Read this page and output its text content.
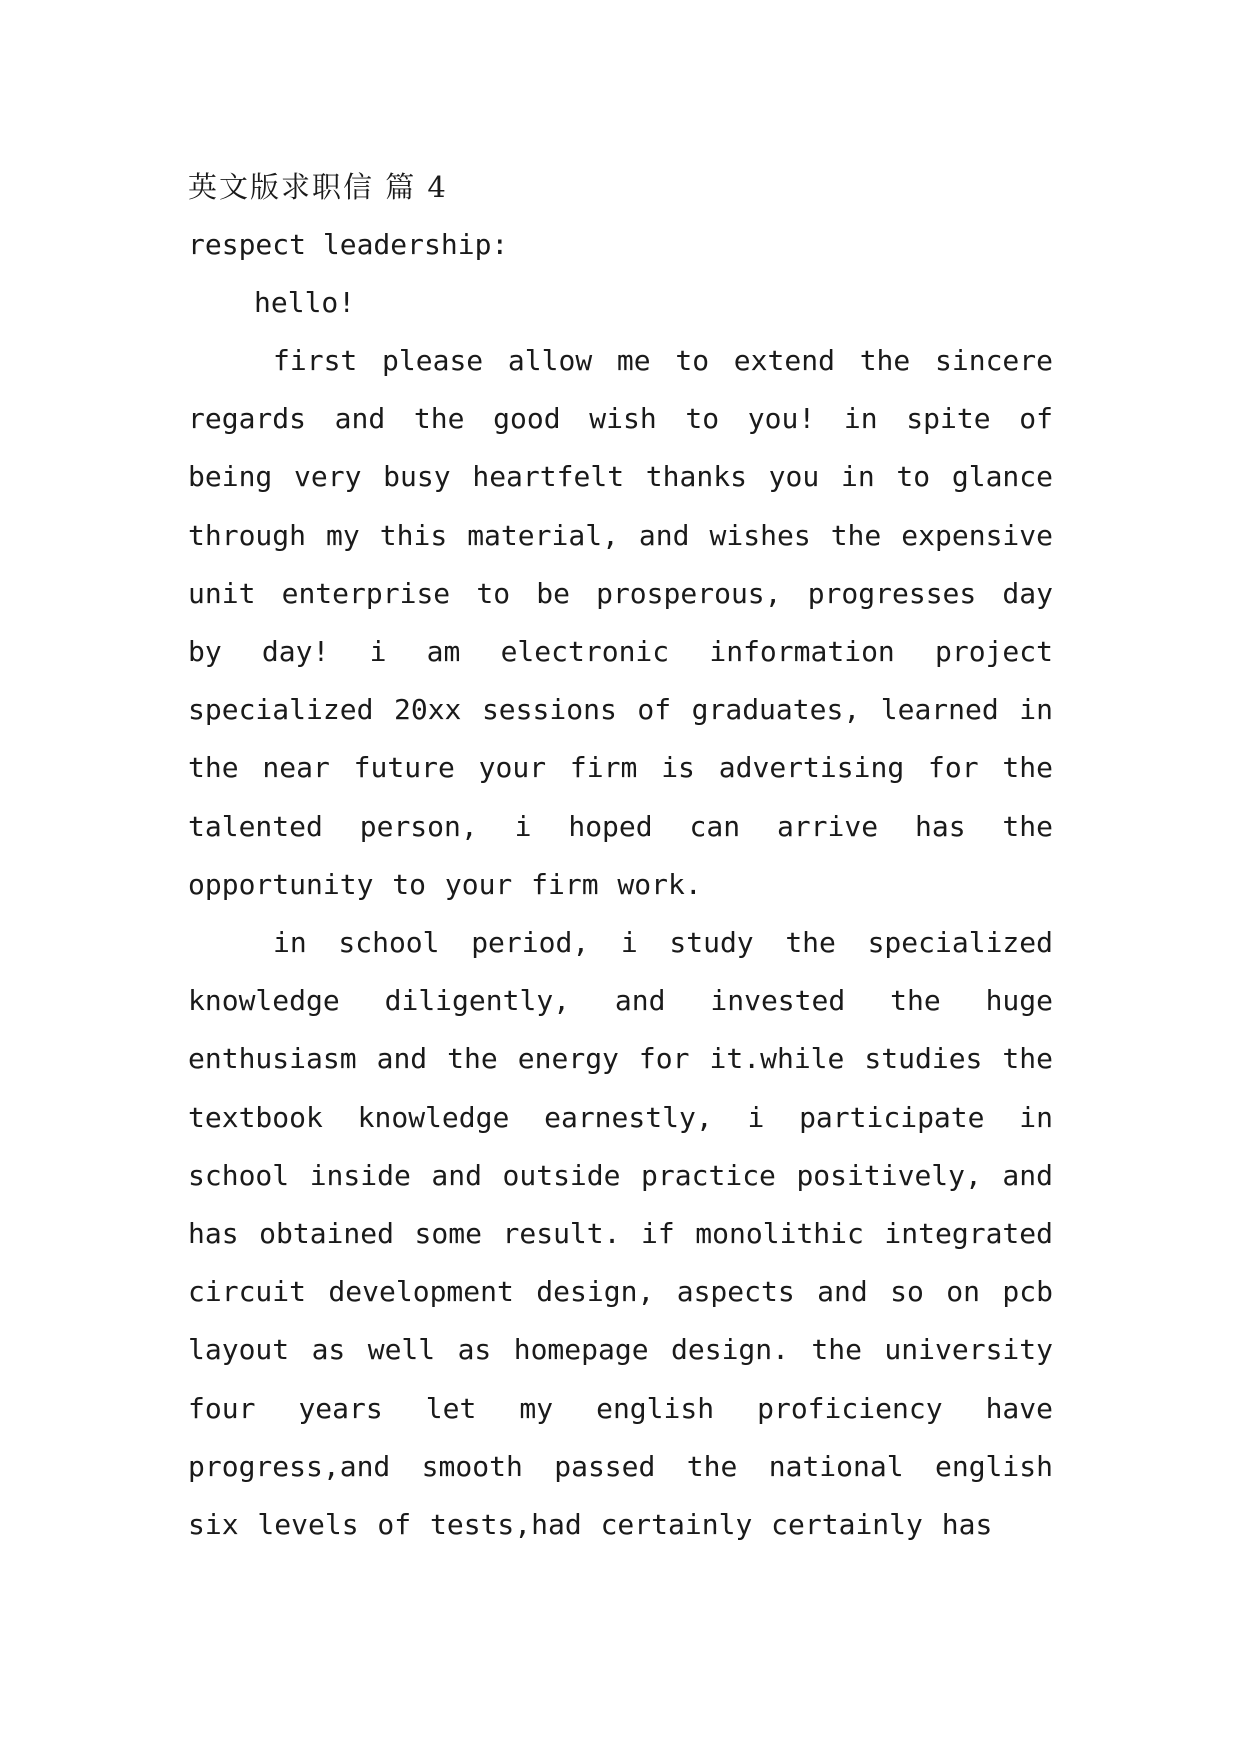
英文版求职信 篇 4
respect leadership:
hello!

first please allow me to extend the sincere regards and the good wish to you! in spite of being very busy heartfelt thanks you in to glance through my this material, and wishes the expensive unit enterprise to be prosperous, progresses day by day! i am electronic information project specialized 20xx sessions of graduates, learned in the near future your firm is advertising for the talented person, i hoped can arrive has the opportunity to your firm work.

in school period, i study the specialized knowledge diligently, and invested the huge enthusiasm and the energy for it.while studies the textbook knowledge earnestly, i participate in school inside and outside practice positively, and has obtained some result. if monolithic integrated circuit development design, aspects and so on pcb layout as well as homepage design. the university four years let my english proficiency have progress,and smooth passed the national english six levels of tests,had certainly certainly has
